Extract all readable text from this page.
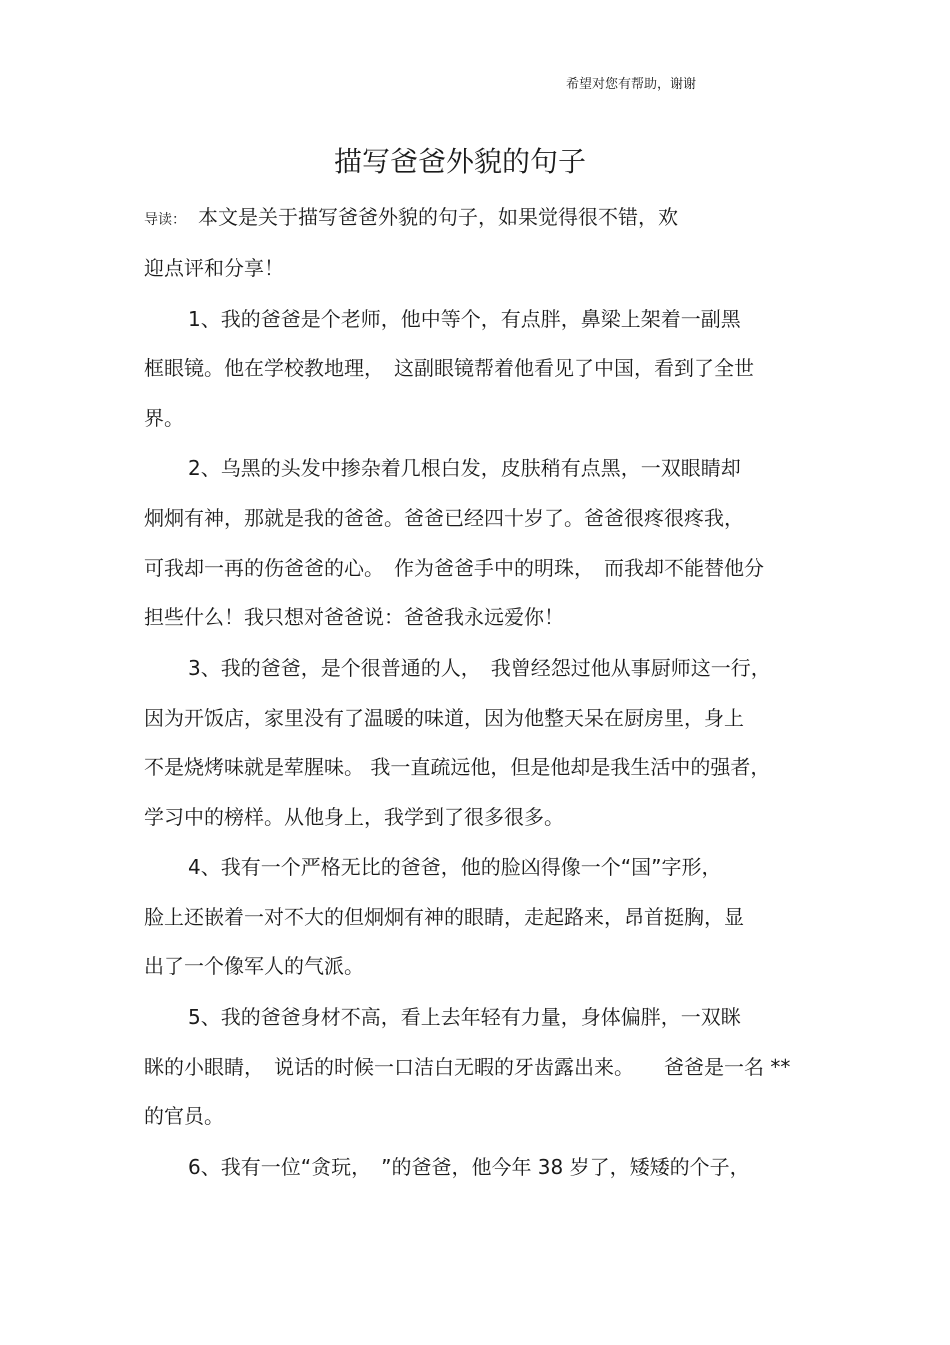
希望对您有帮助，谢谢
描写爸爸外貌的句子
导读： 本文是关于描写爸爸外貌的句子，如果觉得很不错，欢
迎点评和分享！
1、我的爸爸是个老师，他中等个，有点胖，鼻梁上架着一副黑
框眼镜。他在学校教地理，　这副眼镜帮着他看见了中国，看到了全世
界。
2、乌黑的头发中掺杂着几根白发，皮肤稍有点黑，一双眼睛却
炯炯有神，那就是我的爸爸。爸爸已经四十岁了。爸爸很疼很疼我，
可我却一再的伤爸爸的心。　作为爸爸手中的明珠，　而我却不能替他分
担些什么！我只想对爸爸说：爸爸我永远爱你！
3、我的爸爸，是个很普通的人，　我曾经怨过他从事厨师这一行，
因为开饭店，家里没有了温暖的味道，因为他整天呆在厨房里，身上
不是烧烤味就是荤腥味。 我一直疏远他，但是他却是我生活中的强者，
学习中的榜样。从他身上，我学到了很多很多。
4、我有一个严格无比的爸爸，他的脸凶得像一个“国”字形，
脸上还嵌着一对不大的但炯炯有神的眼睛，走起路来，昂首挺胸，显
出了一个像军人的气派。
5、我的爸爸身材不高，看上去年轻有力量，身体偏胖，一双眯
眯的小眼睛，　说话的时候一口洁白无暇的牙齿露出来。　　爸爸是一名 **
的官员。
6、我有一位“贪玩，　”的爸爸，他今年 38 岁了，矮矮的个子，
